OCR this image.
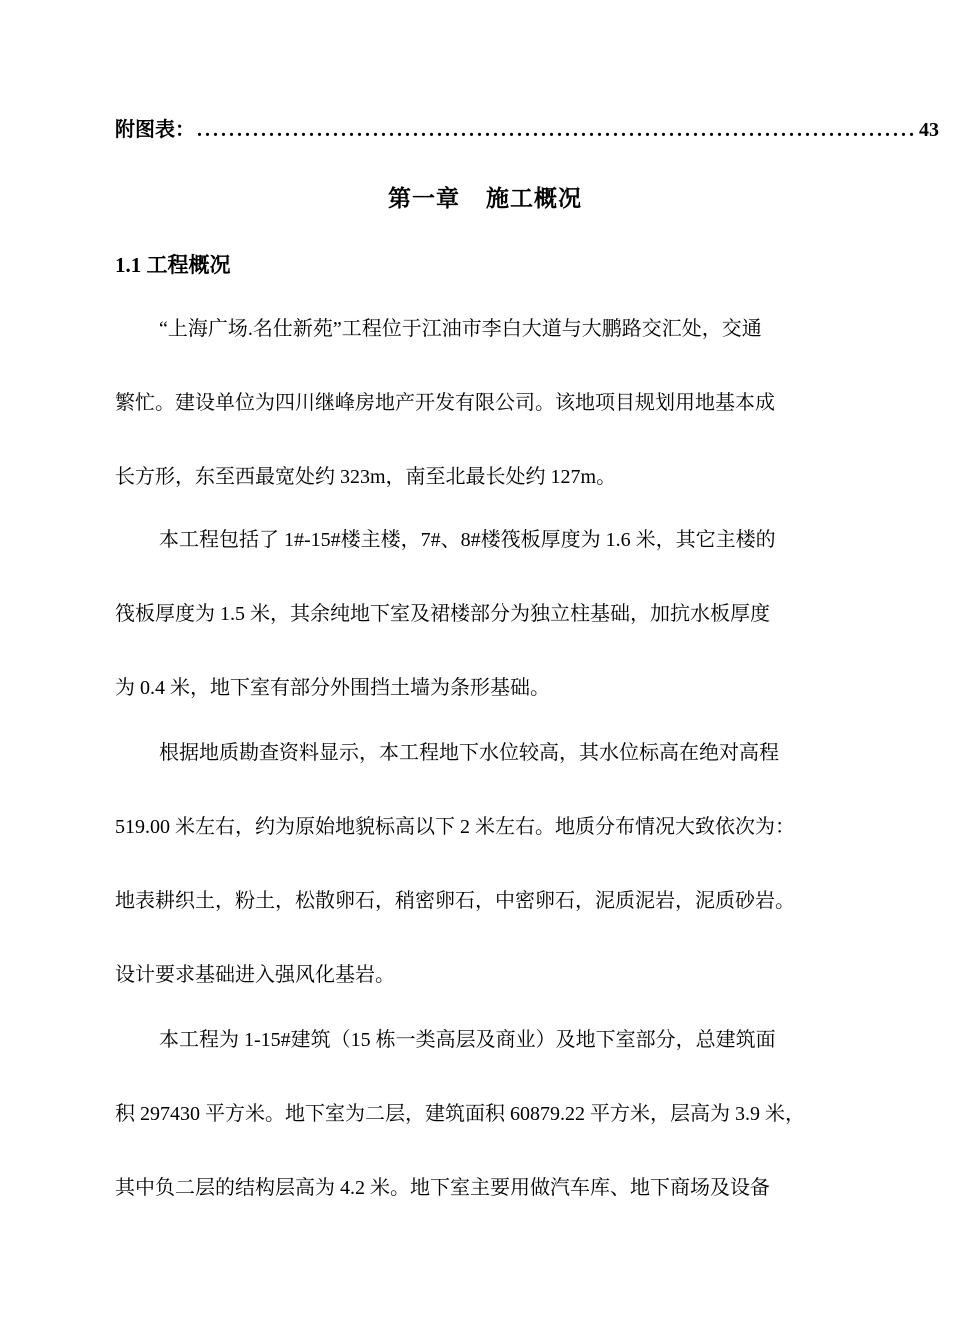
附图表： .......................................................................................... 43
第一章 施工概况
1.1 工程概况
“上海广场.名仕新苑”工程位于江油市李白大道与大鹏路交汇处，交通
繁忙。建设单位为四川继峰房地产开发有限公司。该地项目规划用地基本成
长方形，东至西最宽处约 323m，南至北最长处约 127m。
本工程包括了 1#-15#楼主楼，7#、8#楼筏板厚度为 1.6 米，其它主楼的
筏板厚度为 1.5 米，其余纯地下室及裙楼部分为独立柱基础，加抗水板厚度
为 0.4 米，地下室有部分外围挡土墙为条形基础。
根据地质勘查资料显示，本工程地下水位较高，其水位标高在绝对高程
519.00 米左右，约为原始地貌标高以下 2 米左右。地质分布情况大致依次为：
地表耕织土，粉土，松散卵石，稍密卵石，中密卵石，泥质泥岩，泥质砂岩。
设计要求基础进入强风化基岩。
本工程为 1-15#建筑（15 栋一类高层及商业）及地下室部分，总建筑面
积 297430 平方米。地下室为二层，建筑面积 60879.22 平方米，层高为 3.9 米，
其中负二层的结构层高为 4.2 米。地下室主要用做汽车库、地下商场及设备
